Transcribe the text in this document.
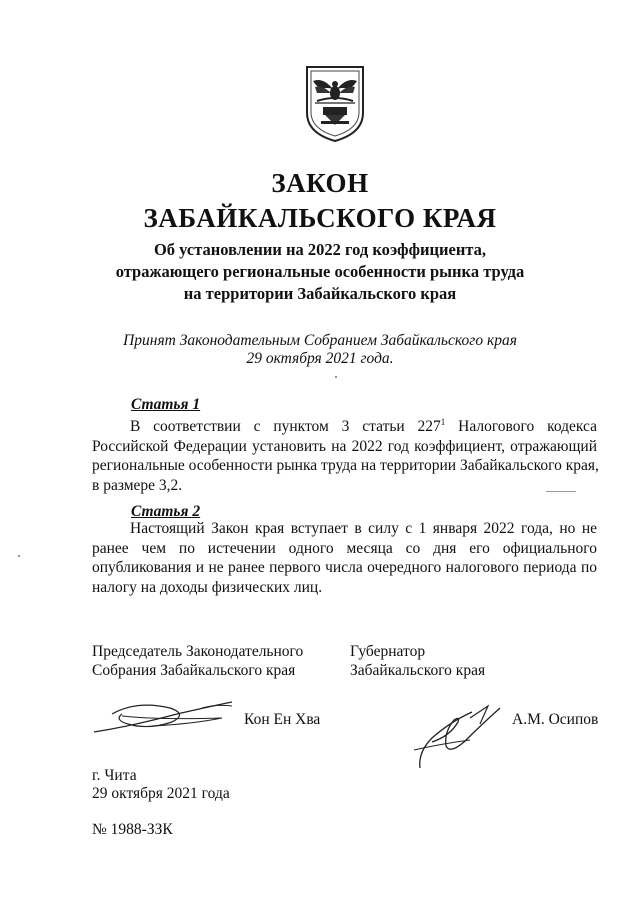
ЗАКОН
ЗАБАЙКАЛЬСКОГО КРАЯ
Об установлении на 2022 год коэффициента,
отражающего региональные особенности рынка труда
на территории Забайкальского края
Принят Законодательным Собранием Забайкальского края
29 октября 2021 года.
Статья 1
В соответствии с пунктом 3 статьи $227^1$ Налогового кодекса
Российской Федерации установить на 2022 год коэффициент, отражающий
региональные особенности рынка труда на территории Забайкальского края,
в размере 3,2.
Статья 2
Настоящий Закон края вступает в силу с 1 января 2022 года, но не
ранее чем по истечении одного месяца со дня его официального
опубликования и не ранее первого числа очередного налогового периода по
налогу на доходы физических лиц.
Председатель Законодательного
Собрания Забайкальского края
Губернатор
Забайкальского края
Кон Ен Хва	А.М. Осипов
г. Чита
29 октября 2021 года
№ 1988-ЗЗК
